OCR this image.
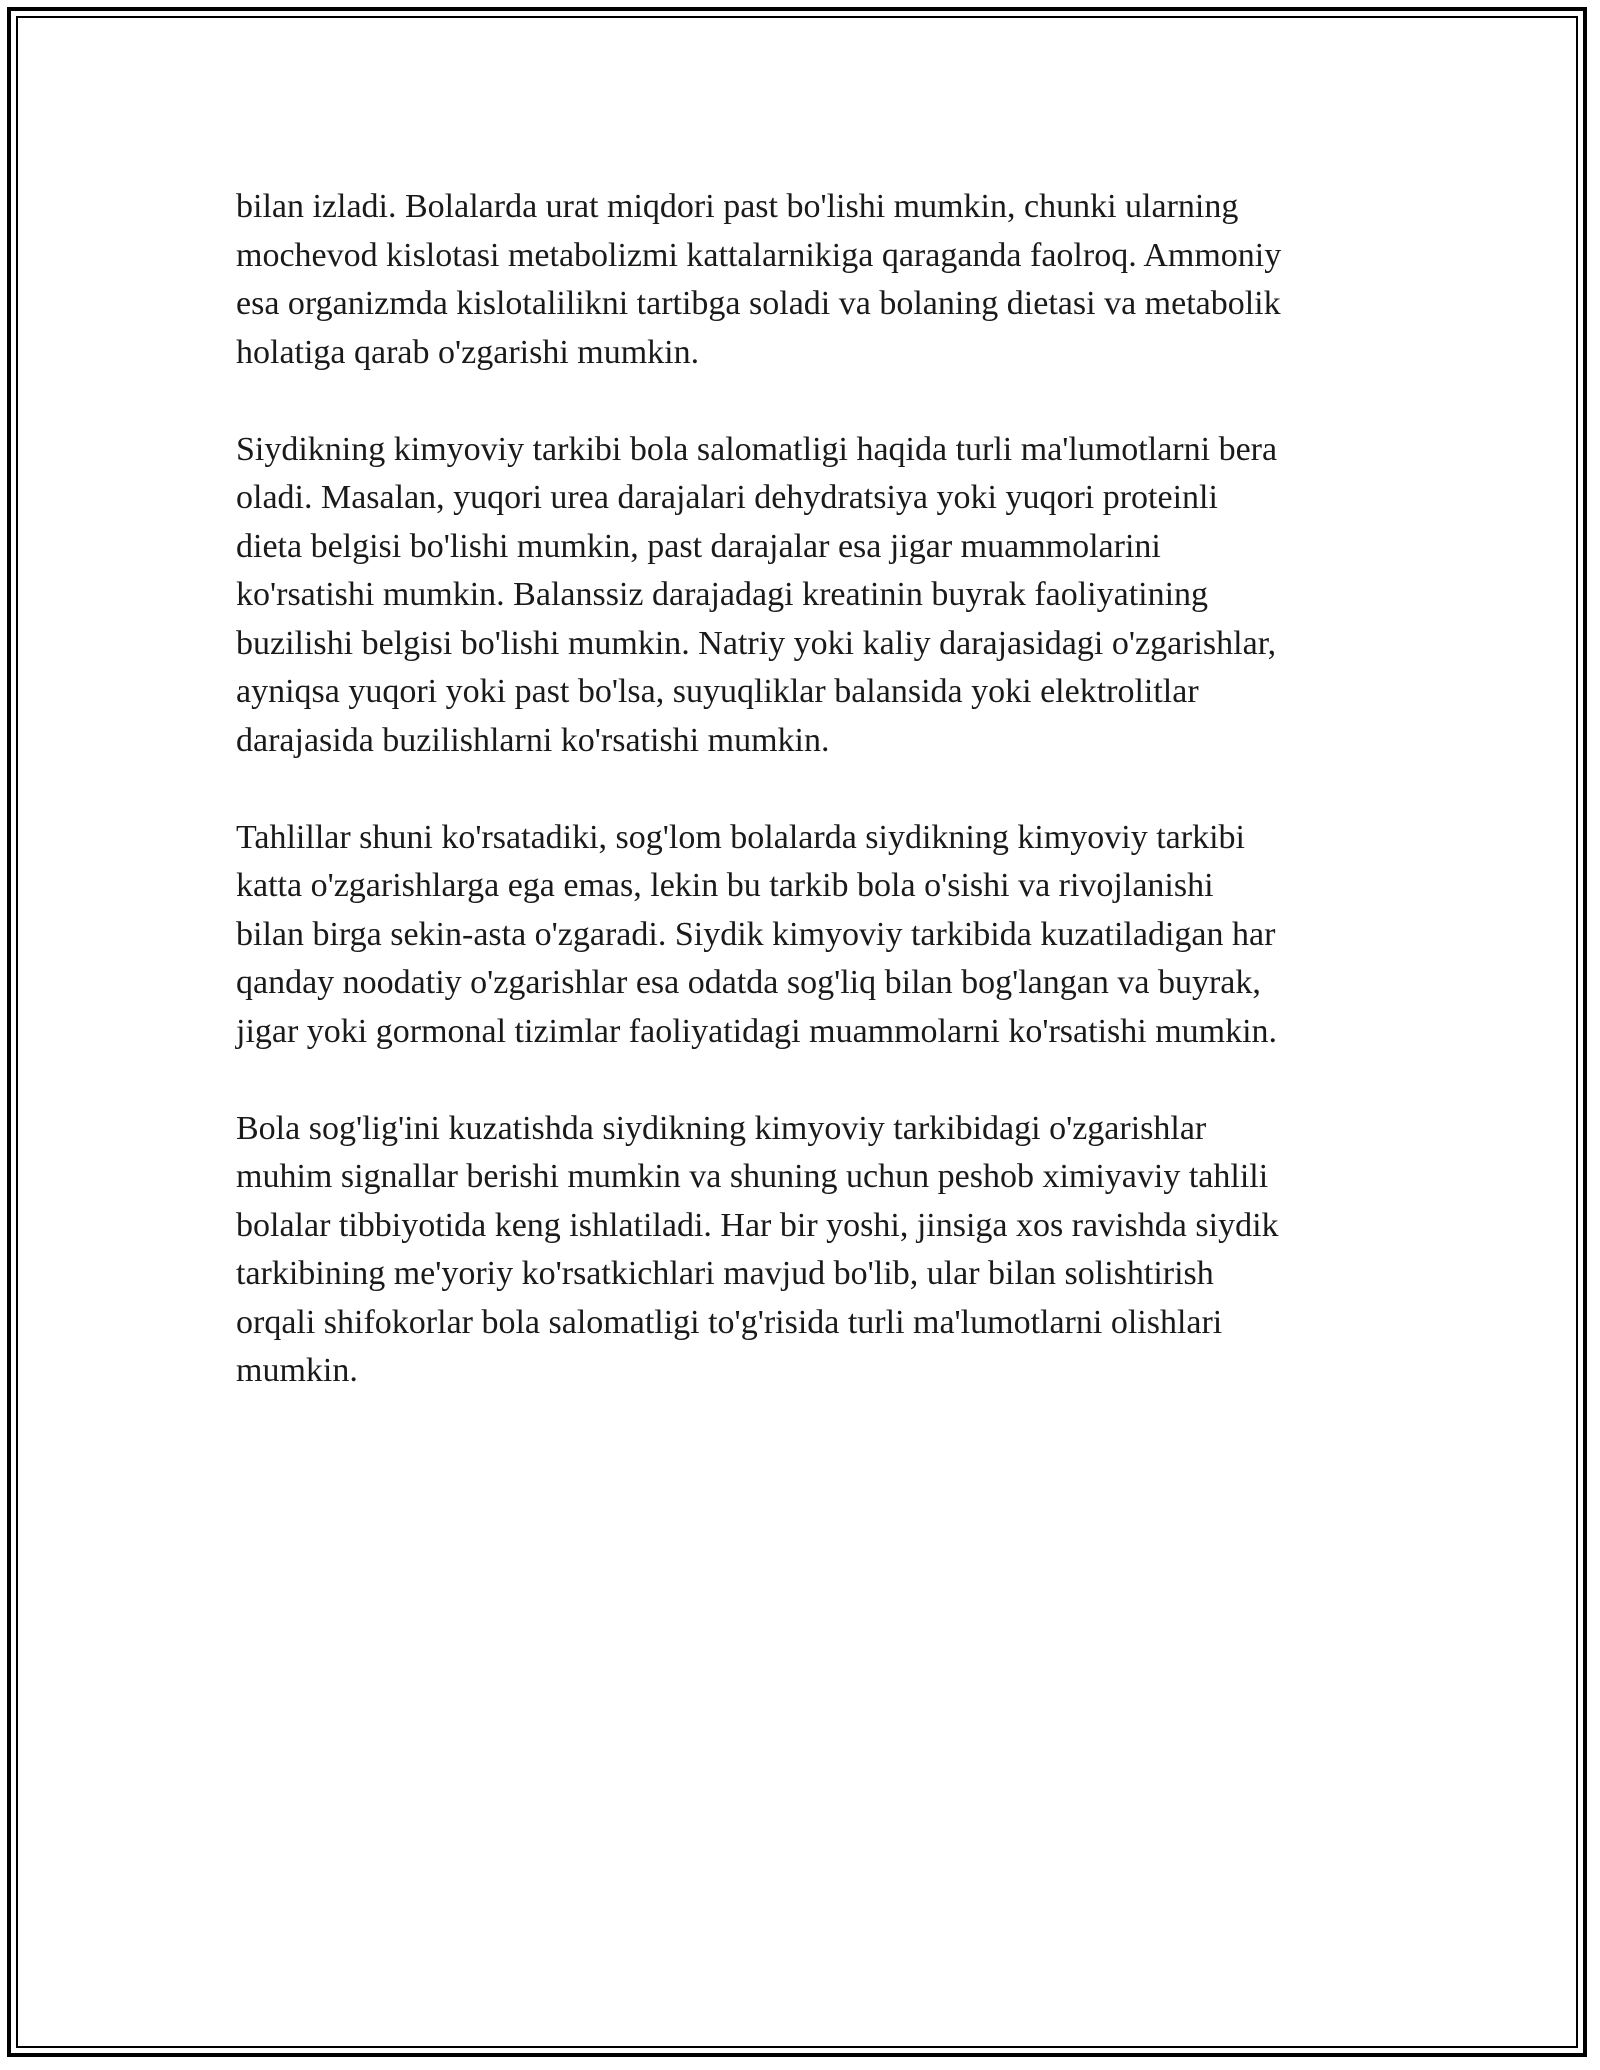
bilan izladi. Bolalarda urat miqdori past bo'lishi mumkin, chunki ularning
mochevod kislotasi metabolizmi kattalarnikiga qaraganda faolroq. Ammoniy
esa organizmda kislotalilikni tartibga soladi va bolaning dietasi va metabolik
holatiga qarab o'zgarishi mumkin.

Siydikning kimyoviy tarkibi bola salomatligi haqida turli ma'lumotlarni bera
oladi. Masalan, yuqori urea darajalari dehydratsiya yoki yuqori proteinli
dieta belgisi bo'lishi mumkin, past darajalar esa jigar muammolarini
ko'rsatishi mumkin. Balanssiz darajadagi kreatinin buyrak faoliyatining
buzilishi belgisi bo'lishi mumkin. Natriy yoki kaliy darajasidagi o'zgarishlar,
ayniqsa yuqori yoki past bo'lsa, suyuqliklar balansida yoki elektrolitlar
darajasida buzilishlarni ko'rsatishi mumkin.

Tahlillar shuni ko'rsatadiki, sog'lom bolalarda siydikning kimyoviy tarkibi
katta o'zgarishlarga ega emas, lekin bu tarkib bola o'sishi va rivojlanishi
bilan birga sekin-asta o'zgaradi. Siydik kimyoviy tarkibida kuzatiladigan har
qanday noodatiy o'zgarishlar esa odatda sog'liq bilan bog'langan va buyrak,
jigar yoki gormonal tizimlar faoliyatidagi muammolarni ko'rsatishi mumkin.

Bola sog'lig'ini kuzatishda siydikning kimyoviy tarkibidagi o'zgarishlar
muhim signallar berishi mumkin va shuning uchun peshob ximiyaviy tahlili
bolalar tibbiyotida keng ishlatiladi. Har bir yoshi, jinsiga xos ravishda siydik
tarkibining me'yoriy ko'rsatkichlari mavjud bo'lib, ular bilan solishtirish
orqali shifokorlar bola salomatligi to'g'risida turli ma'lumotlarni olishlari
mumkin.
